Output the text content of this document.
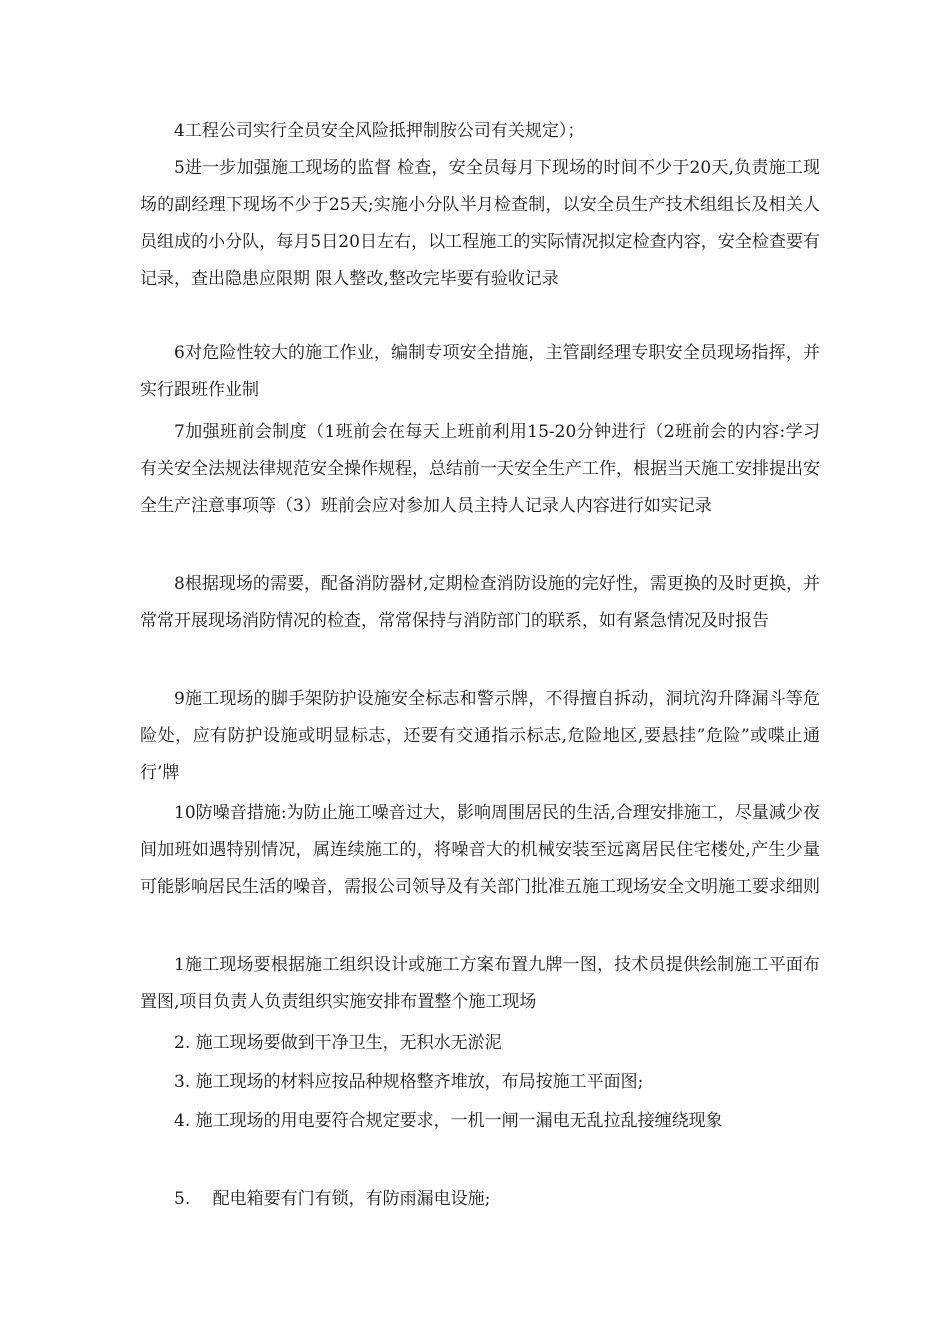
4工程公司实行全员安全风险抵押制胺公司有关规定）；

5进一步加强施工现场的监督 检查，安全员每月下现场的时间不少于20天,负责施工现场的副经理下现场不少于25天;实施小分队半月检查制，以安全员生产技术组组长及相关人员组成的小分队，每月5日20日左右，以工程施工的实际情况拟定检查内容，安全检查要有记录，查出隐患应限期 限人整改,整改完毕要有验收记录

6对危险性较大的施工作业，编制专项安全措施，主管副经理专职安全员现场指挥，并实行跟班作业制

7加强班前会制度（1班前会在每天上班前利用15-20分钟进行（2班前会的内容:学习有关安全法规法律规范安全操作规程，总结前一天安全生产工作，根据当天施工安排提出安全生产注意事项等（3）班前会应对参加人员主持人记录人内容进行如实记录

8根据现场的需要，配备消防器材,定期检查消防设施的完好性，需更换的及时更换，并常常开展现场消防情况的检查，常常保持与消防部门的联系，如有紧急情况及时报告

9施工现场的脚手架防护设施安全标志和警示牌，不得擅自拆动，洞坑沟升降漏斗等危险处，应有防护设施或明显标志，还要有交通指示标志,危险地区,要悬挂”危险”或喋止通行’牌

10防噪音措施:为防止施工噪音过大，影响周围居民的生活,合理安排施工，尽量减少夜间加班如遇特别情况，属连续施工的，将噪音大的机械安装至远离居民住宅楼处,产生少量可能影响居民生活的噪音，需报公司领导及有关部门批准五施工现场安全文明施工要求细则

1施工现场要根据施工组织设计或施工方案布置九牌一图，技术员提供绘制施工平面布置图,项目负责人负责组织实施安排布置整个施工现场

2. 施工现场要做到干净卫生，无积水无淤泥

3. 施工现场的材料应按品种规格整齐堆放，布局按施工平面图;

4. 施工现场的用电要符合规定要求，一机一闸一漏电无乱拉乱接缠绕现象

5.　 配电箱要有门有锁，有防雨漏电设施;
